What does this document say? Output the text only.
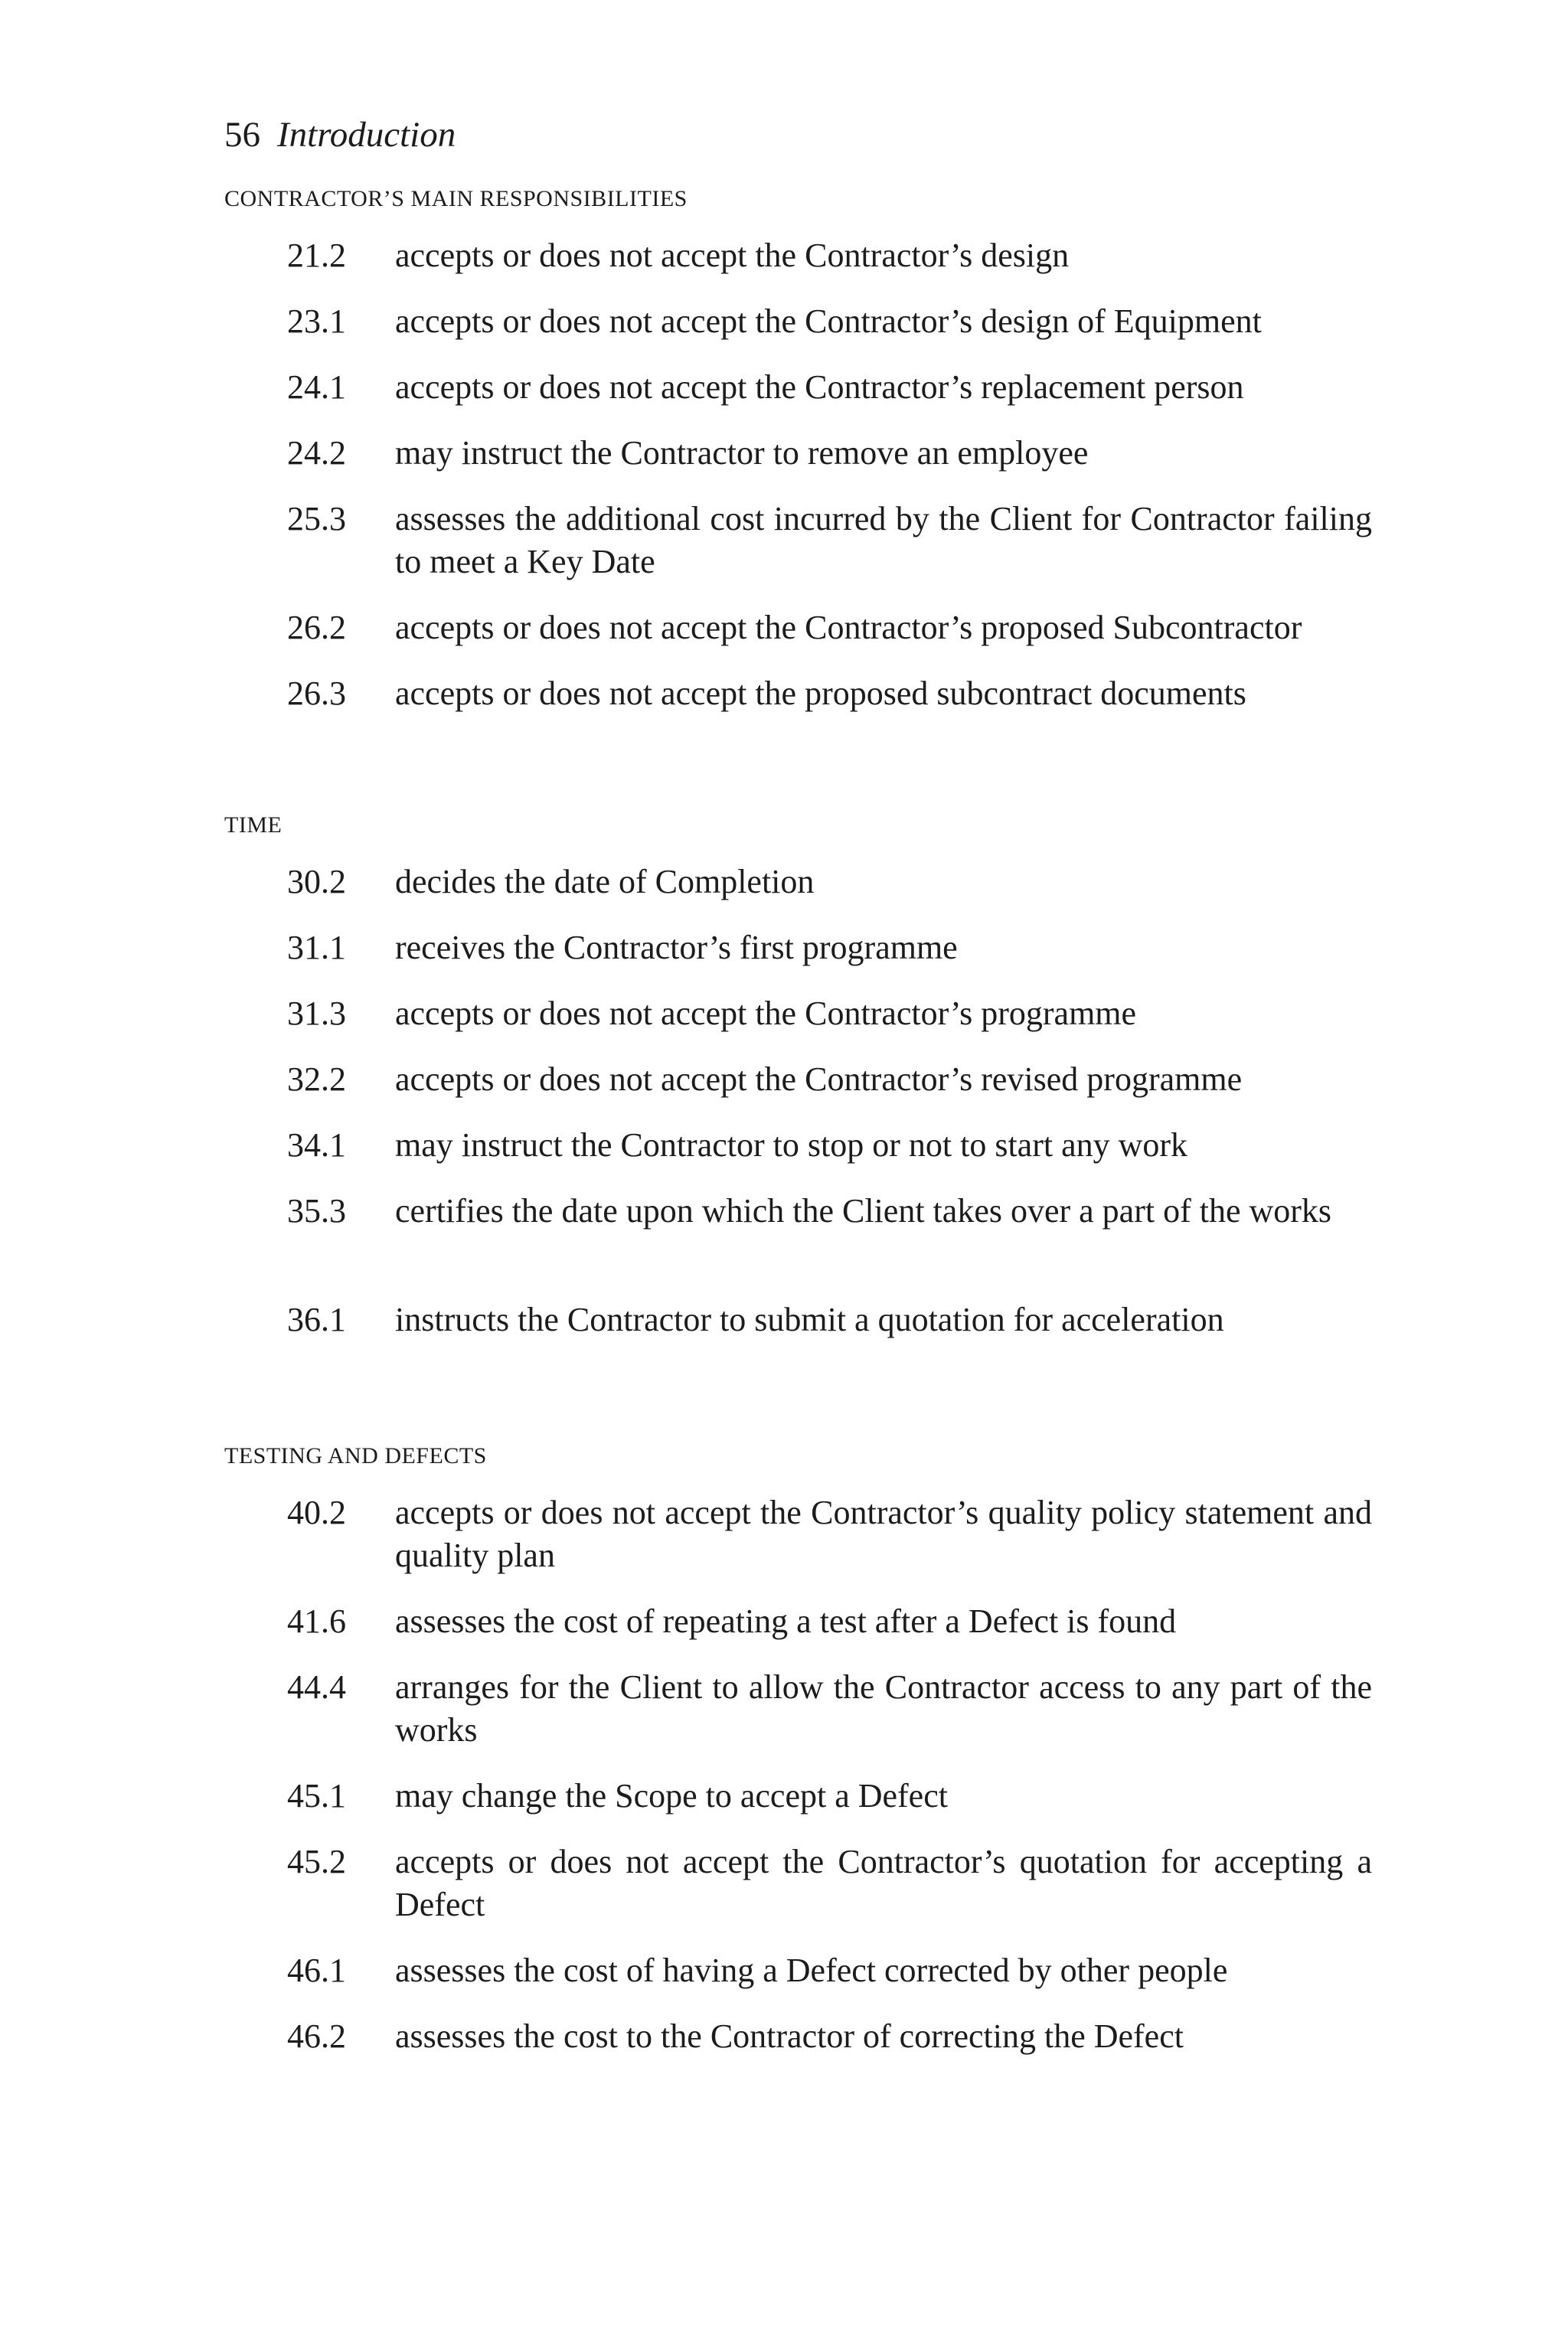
56 Introduction
CONTRACTOR’S MAIN RESPONSIBILITIES
21.2 accepts or does not accept the Contractor’s design
23.1 accepts or does not accept the Contractor’s design of Equipment
24.1 accepts or does not accept the Contractor’s replacement person
24.2 may instruct the Contractor to remove an employee
25.3 assesses the additional cost incurred by the Client for Contractor failing to meet a Key Date
26.2 accepts or does not accept the Contractor’s proposed Subcontractor
26.3 accepts or does not accept the proposed subcontract documents
TIME
30.2 decides the date of Completion
31.1 receives the Contractor’s first programme
31.3 accepts or does not accept the Contractor’s programme
32.2 accepts or does not accept the Contractor’s revised programme
34.1 may instruct the Contractor to stop or not to start any work
35.3 certifies the date upon which the Client takes over a part of the works
36.1 instructs the Contractor to submit a quotation for acceleration
TESTING AND DEFECTS
40.2 accepts or does not accept the Contractor’s quality policy statement and quality plan
41.6 assesses the cost of repeating a test after a Defect is found
44.4 arranges for the Client to allow the Contractor access to any part of the works
45.1 may change the Scope to accept a Defect
45.2 accepts or does not accept the Contractor’s quotation for accepting a Defect
46.1 assesses the cost of having a Defect corrected by other people
46.2 assesses the cost to the Contractor of correcting the Defect
